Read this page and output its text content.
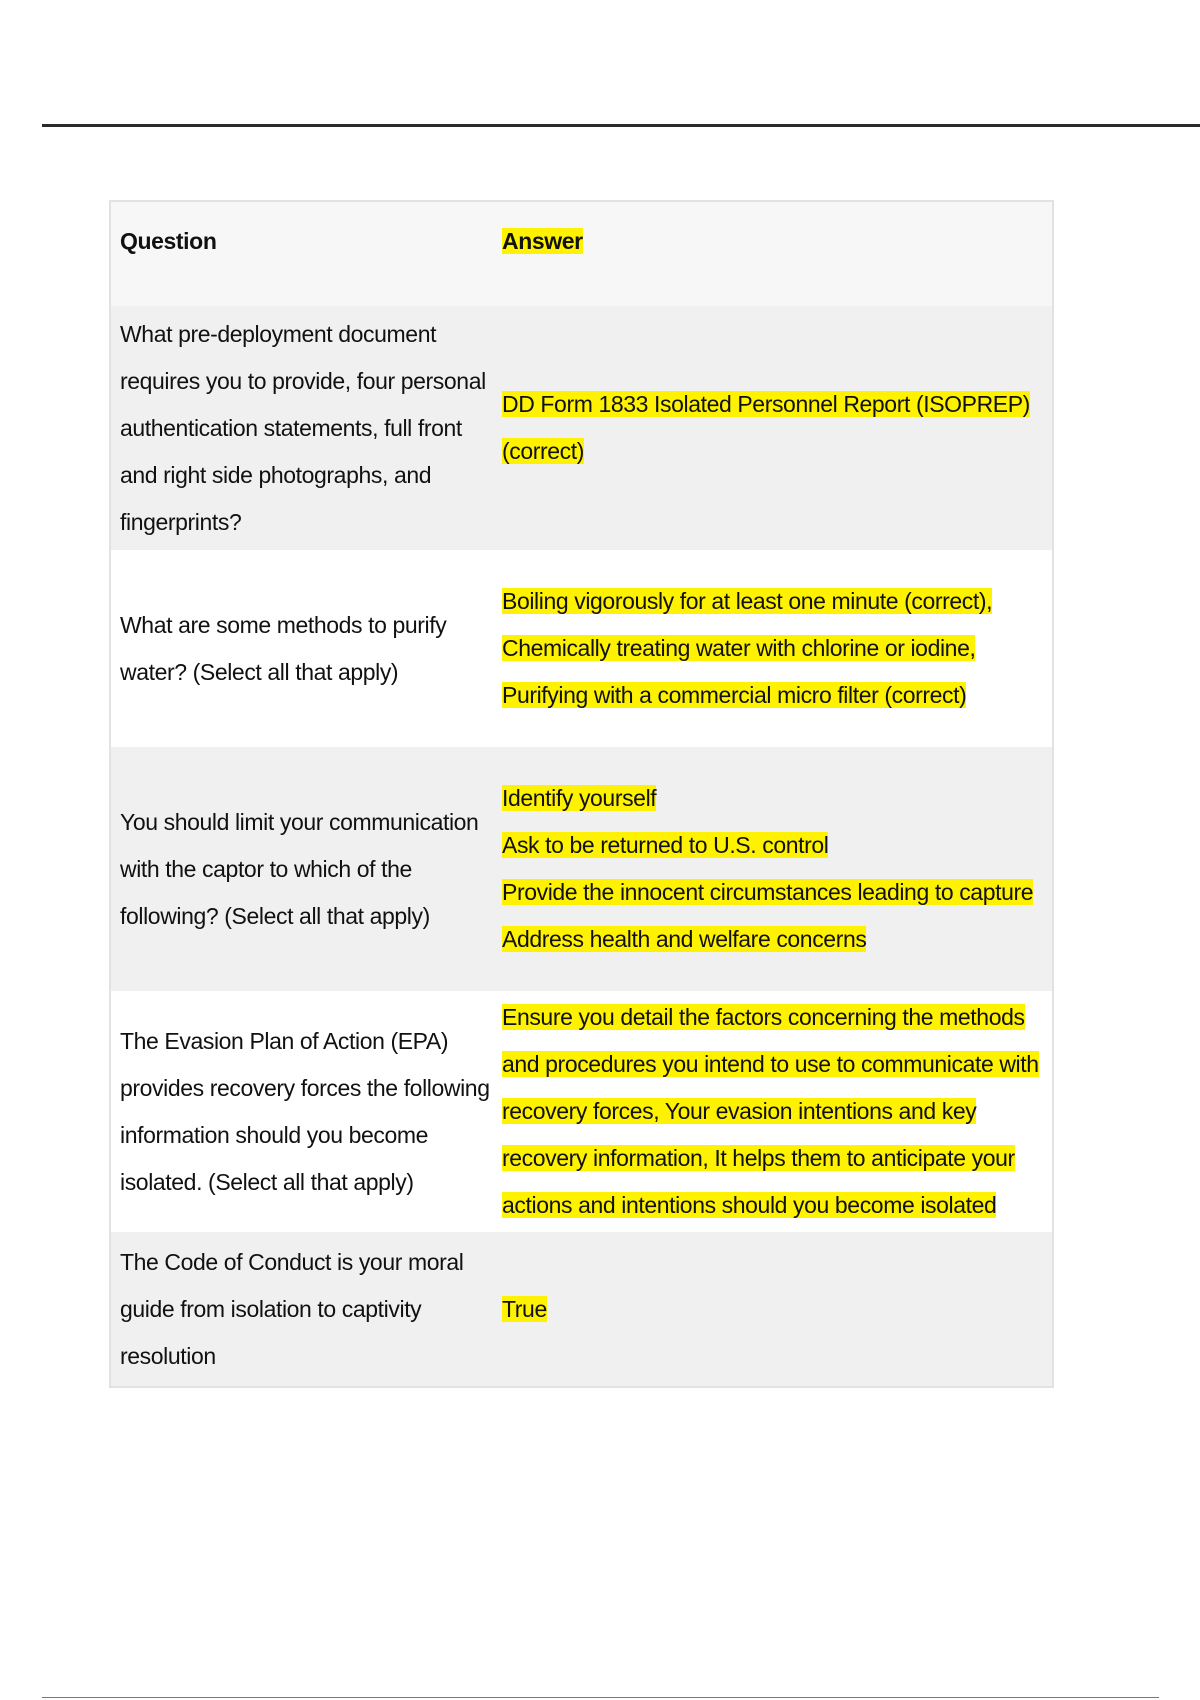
Question	Answer
What pre-deployment document requires you to provide, four personal authentication statements, full front and right side photographs, and fingerprints?
DD Form 1833 Isolated Personnel Report (ISOPREP) (correct)
What are some methods to purify water? (Select all that apply)
Boiling vigorously for at least one minute (correct), Chemically treating water with chlorine or iodine, Purifying with a commercial micro filter (correct)
You should limit your communication with the captor to which of the following? (Select all that apply)
Identify yourself
Ask to be returned to U.S. control
Provide the innocent circumstances leading to capture
Address health and welfare concerns
The Evasion Plan of Action (EPA) provides recovery forces the following information should you become isolated. (Select all that apply)
Ensure you detail the factors concerning the methods and procedures you intend to use to communicate with recovery forces, Your evasion intentions and key recovery information, It helps them to anticipate your actions and intentions should you become isolated
The Code of Conduct is your moral guide from isolation to captivity resolution
True
